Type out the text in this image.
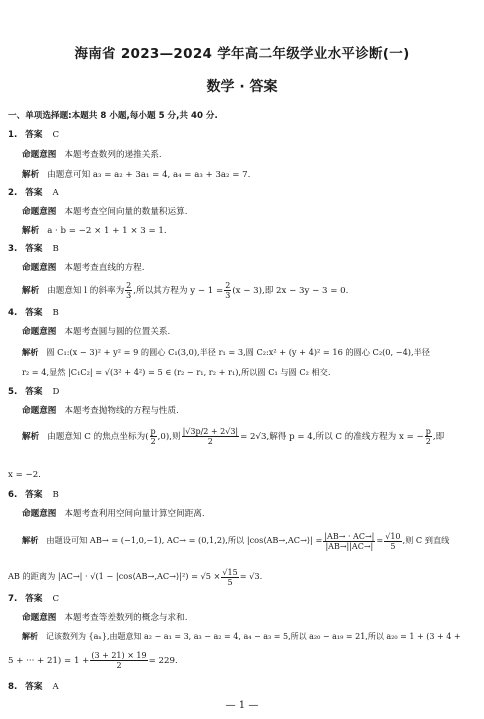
海南省 2023—2024 学年高二年级学业水平诊断(一)
数学 · 答案
一、单项选择题:本题共 8 小题,每小题 5 分,共 40 分.
1. 答案 C
命题意图 本题考查数列的递推关系.
解析 由题意可知 a₃ = a₂ + 3a₁ = 4, a₄ = a₃ + 3a₂ = 7.
2. 答案 A
命题意图 本题考查空间向量的数量积运算.
解析 a · b = −2 × 1 + 1 × 3 = 1.
3. 答案 B
命题意图 本题考查直线的方程.
解析 由题意知 l 的斜率为 $\frac{2}{3}$ ,所以其方程为 $y - 1 = \frac{2}{3} (x - 3)$,即 2x − 3y − 3 = 0.
4. 答案 B
命题意图 本题考查圆与圆的位置关系.
解析 圆 C₁:(x − 3)² + y² = 9 的圆心 C₁(3,0),半径 r₁ = 3,圆 C₂:x² + (y + 4)² = 16 的圆心 C₂(0, −4),半径
r₂ = 4,显然 |C₁C₂| = √(3² + 4²) = 5 ∈ (r₂ − r₁, r₂ + r₁),所以圆 C₁ 与圆 C₂ 相交.
5. 答案 D
命题意图 本题考查抛物线的方程与性质.
解析 由题意知 C 的焦点坐标为( $\frac{p}{2} ,0$),则 $\frac{|√3p/2 + 2√3|}{2} = 2√3$,解得 p = 4,所以 C 的准线方程为 x = − $\frac{p}{2}$ ,即
x = −2.
6. 答案 B
命题意图 本题考查利用空间向量计算空间距离.
解析 由题设可知 AB→ = (−1,0,−1), AC→ = (0,1,2),所以 |cos⟨AB→,AC→⟩| = $\frac{|AB\to \cdot AC\to|}{|AB\to||AC\to|} = \frac{√10}{5}$ ,则 C 到直线
AB 的距离为 |AC→| · √(1 − |cos⟨AB→,AC→⟩|²) = $√5 \times \frac{√15}{5} = √3$.
7. 答案 C
命题意图 本题考查等差数列的概念与求和.
解析 记该数列为 {aₙ},由题意知 a₂ − a₁ = 3, a₃ − a₂ = 4, a₄ − a₃ = 5,所以 a₂₀ − a₁₉ = 21,所以 a₂₀ = 1 + (3 + 4 +
5 + ··· + $21) = 1 + \frac{(3 + 21) \times 19}{2} = 229$.
8. 答案 A
— 1 —
